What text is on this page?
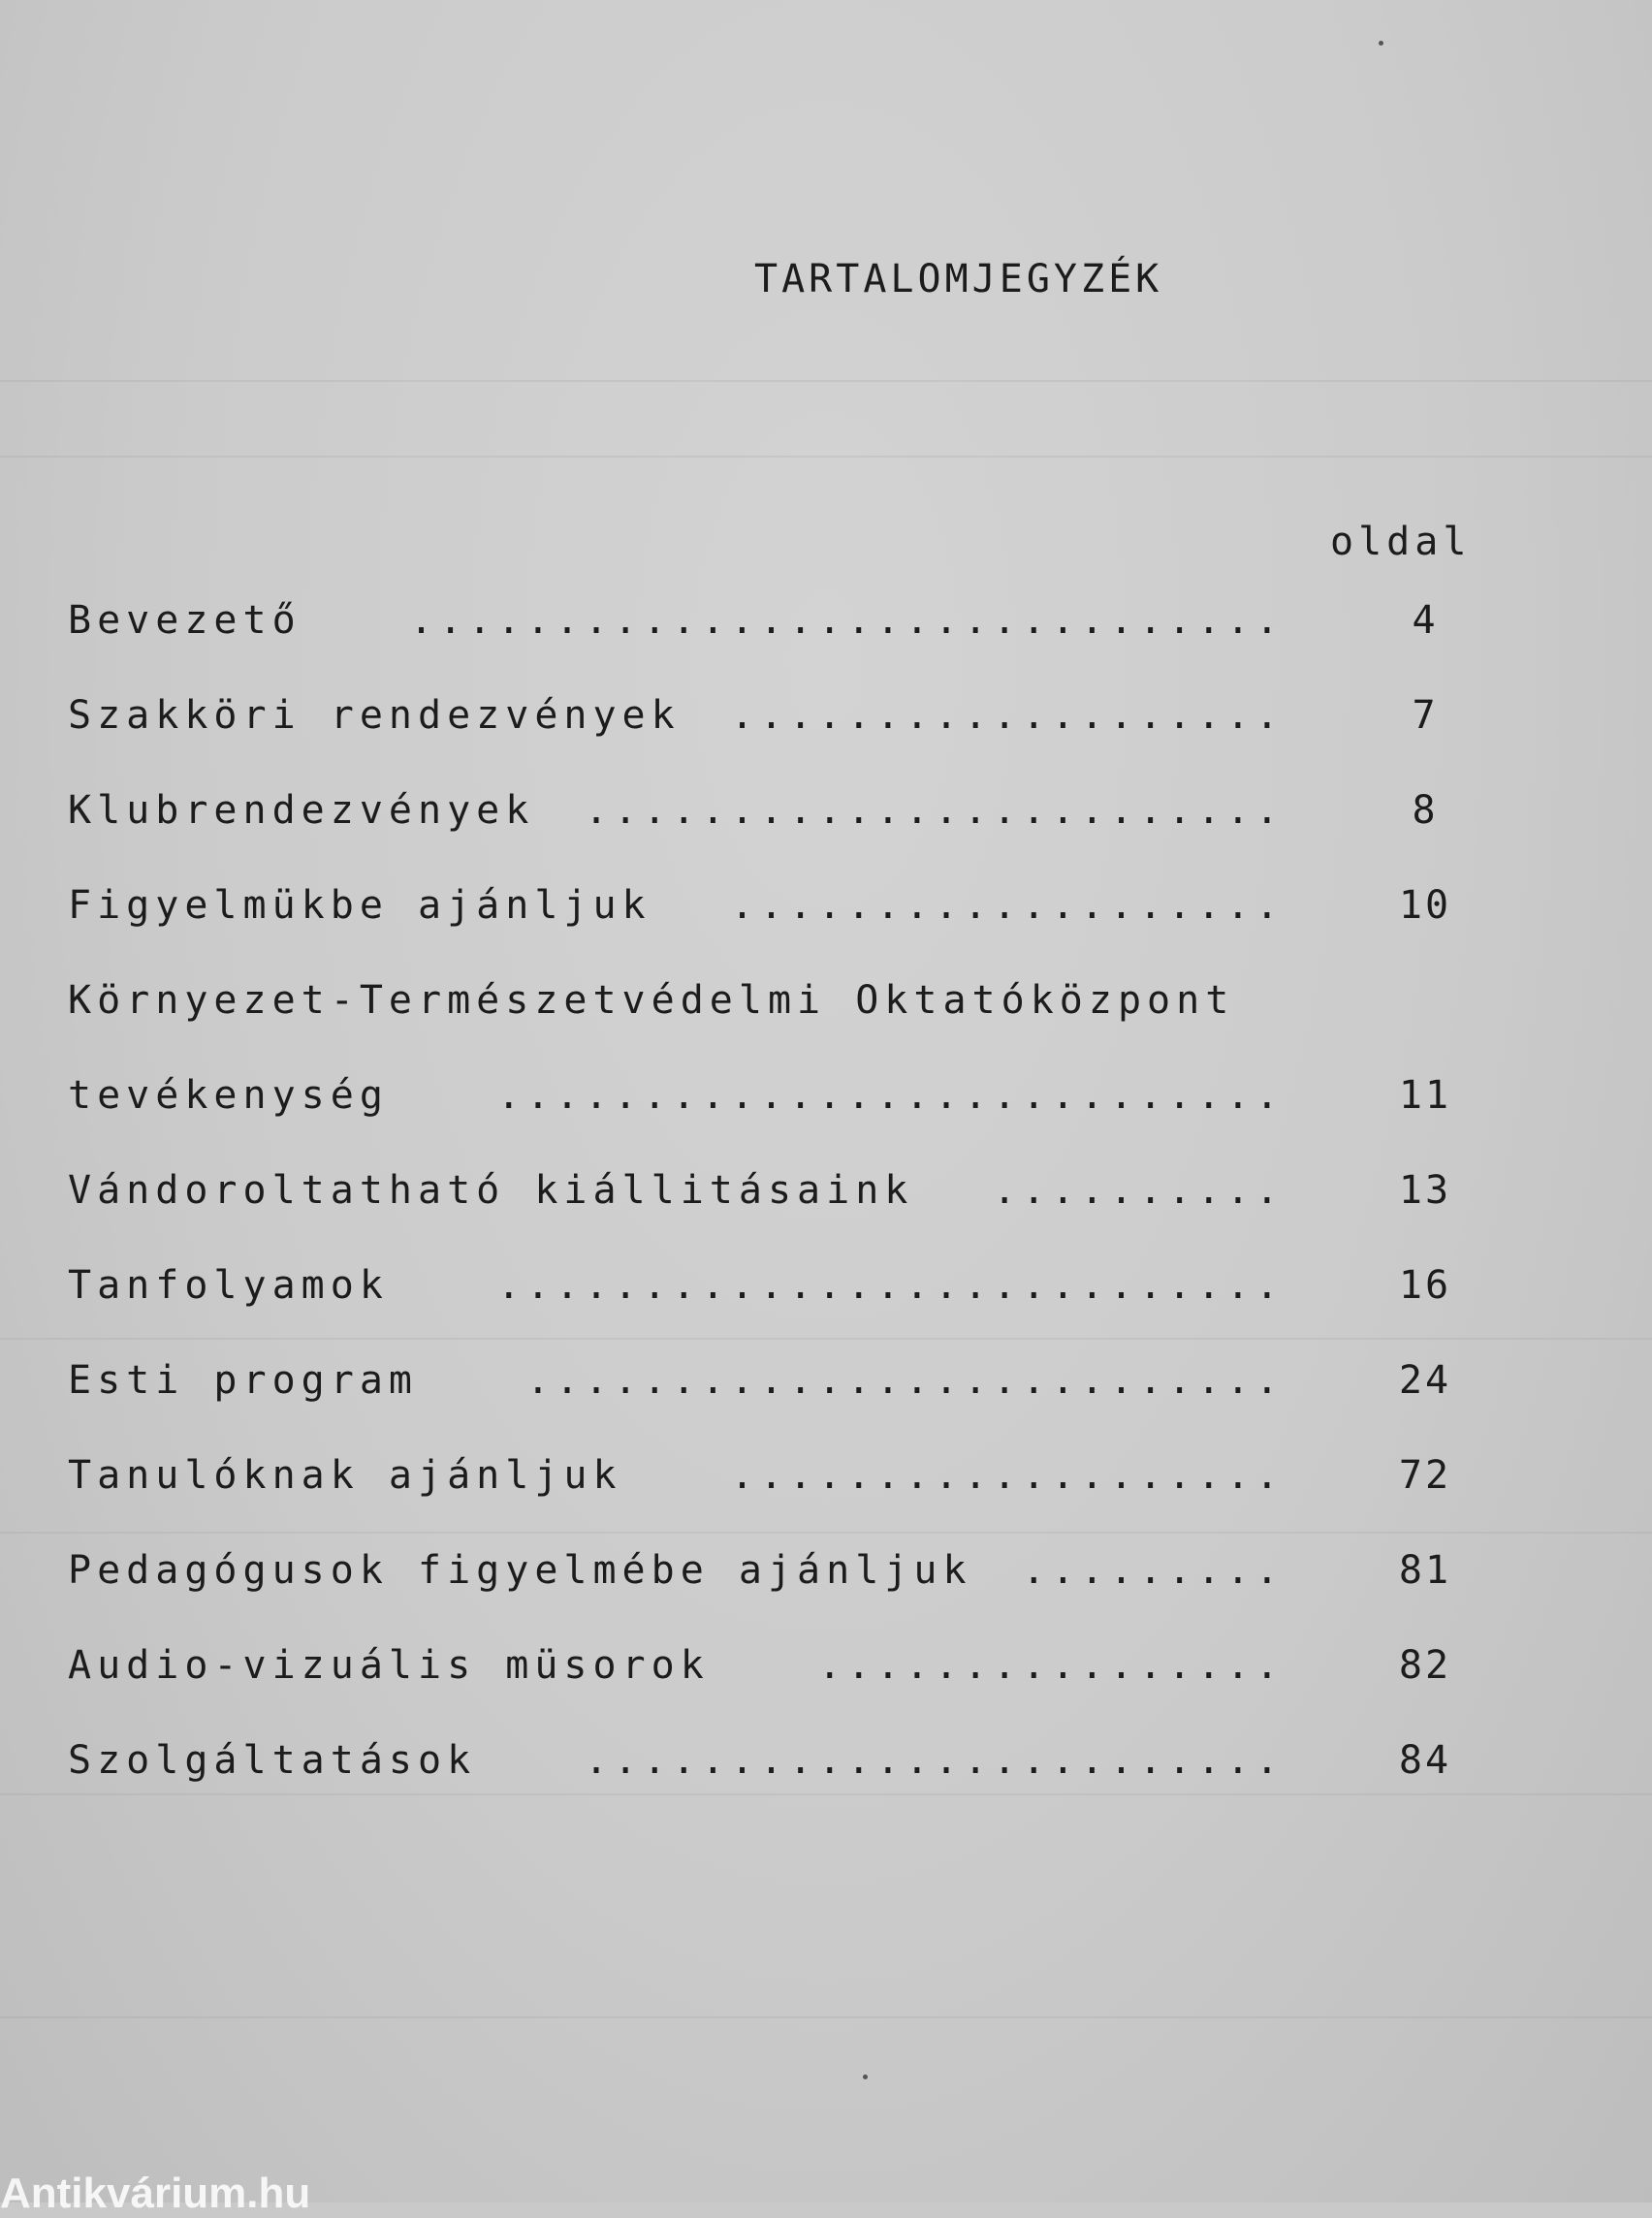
TARTALOMJEGYZÉK
oldal
Bevezető	..............................	4
Szakköri rendezvények ...................	7
Klubrendezvények ........................	8
Figyelmükbe ajánljuk ...................	10
Környezet-Természetvédelmi Oktatóközpont
tevékenység	...........................	11
Vándoroltatható kiállitásaink ..........	13
Tanfolyamok	...........................	16
Esti program	..........................	24
Tanulóknak ajánljuk	...................	72
Pedagógusok figyelmébe ajánljuk .........	81
Audio-vizuális müsorok	................	82
Szolgáltatások	........................	84
Antikvárium.hu
